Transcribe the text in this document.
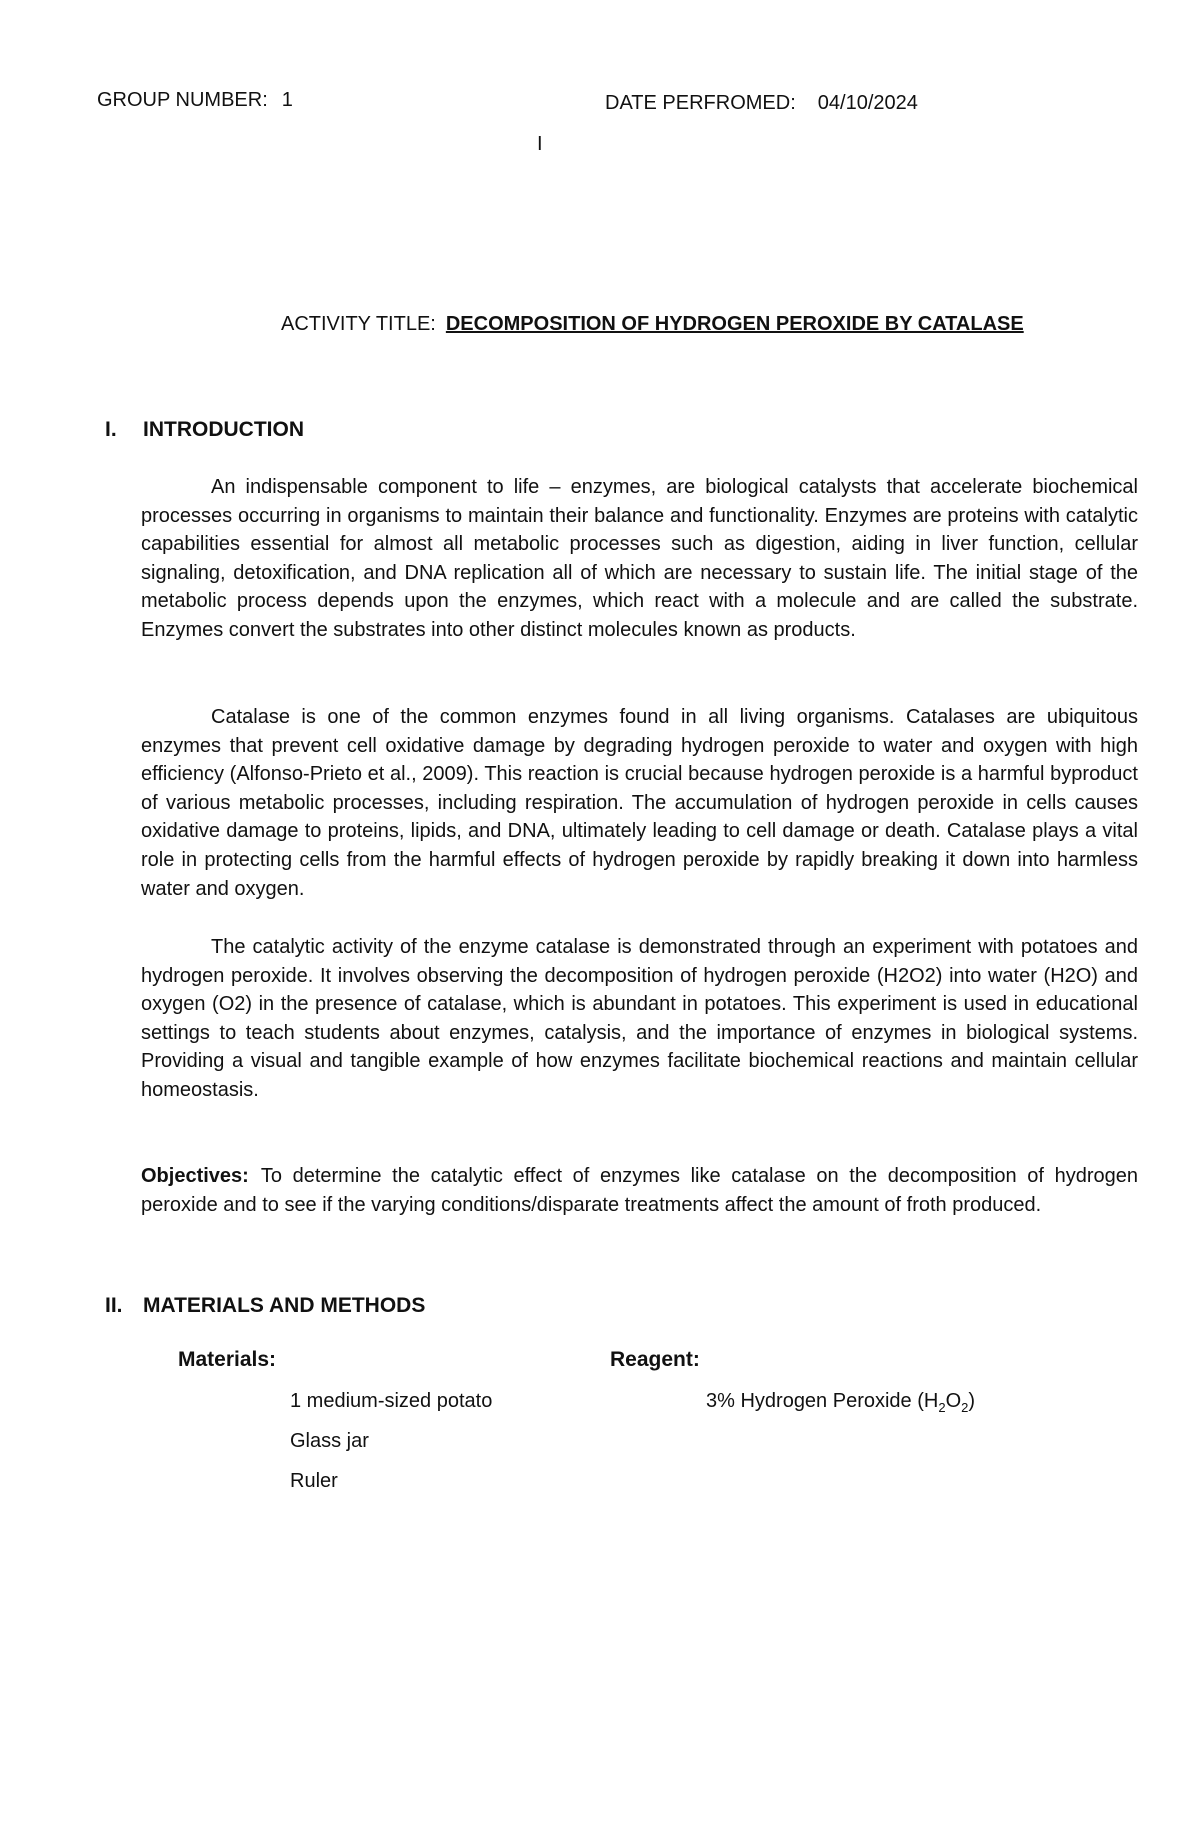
GROUP NUMBER: 1	DATE PERFROMED: 04/10/2024
I
ACTIVITY TITLE: DECOMPOSITION OF HYDROGEN PEROXIDE BY CATALASE
I. INTRODUCTION

An indispensable component to life – enzymes, are biological catalysts that accelerate biochemical processes occurring in organisms to maintain their balance and functionality. Enzymes are proteins with catalytic capabilities essential for almost all metabolic processes such as digestion, aiding in liver function, cellular signaling, detoxification, and DNA replication all of which are necessary to sustain life. The initial stage of the metabolic process depends upon the enzymes, which react with a molecule and are called the substrate. Enzymes convert the substrates into other distinct molecules known as products.

Catalase is one of the common enzymes found in all living organisms. Catalases are ubiquitous enzymes that prevent cell oxidative damage by degrading hydrogen peroxide to water and oxygen with high efficiency (Alfonso-Prieto et al., 2009). This reaction is crucial because hydrogen peroxide is a harmful byproduct of various metabolic processes, including respiration. The accumulation of hydrogen peroxide in cells causes oxidative damage to proteins, lipids, and DNA, ultimately leading to cell damage or death. Catalase plays a vital role in protecting cells from the harmful effects of hydrogen peroxide by rapidly breaking it down into harmless water and oxygen.

The catalytic activity of the enzyme catalase is demonstrated through an experiment with potatoes and hydrogen peroxide. It involves observing the decomposition of hydrogen peroxide (H2O2) into water (H2O) and oxygen (O2) in the presence of catalase, which is abundant in potatoes. This experiment is used in educational settings to teach students about enzymes, catalysis, and the importance of enzymes in biological systems. Providing a visual and tangible example of how enzymes facilitate biochemical reactions and maintain cellular homeostasis.

Objectives: To determine the catalytic effect of enzymes like catalase on the decomposition of hydrogen peroxide and to see if the varying conditions/disparate treatments affect the amount of froth produced.

II. MATERIALS AND METHODS
Materials:	Reagent:
1 medium-sized potato
Glass jar
Ruler
3% Hydrogen Peroxide $(H_2O_2)$
